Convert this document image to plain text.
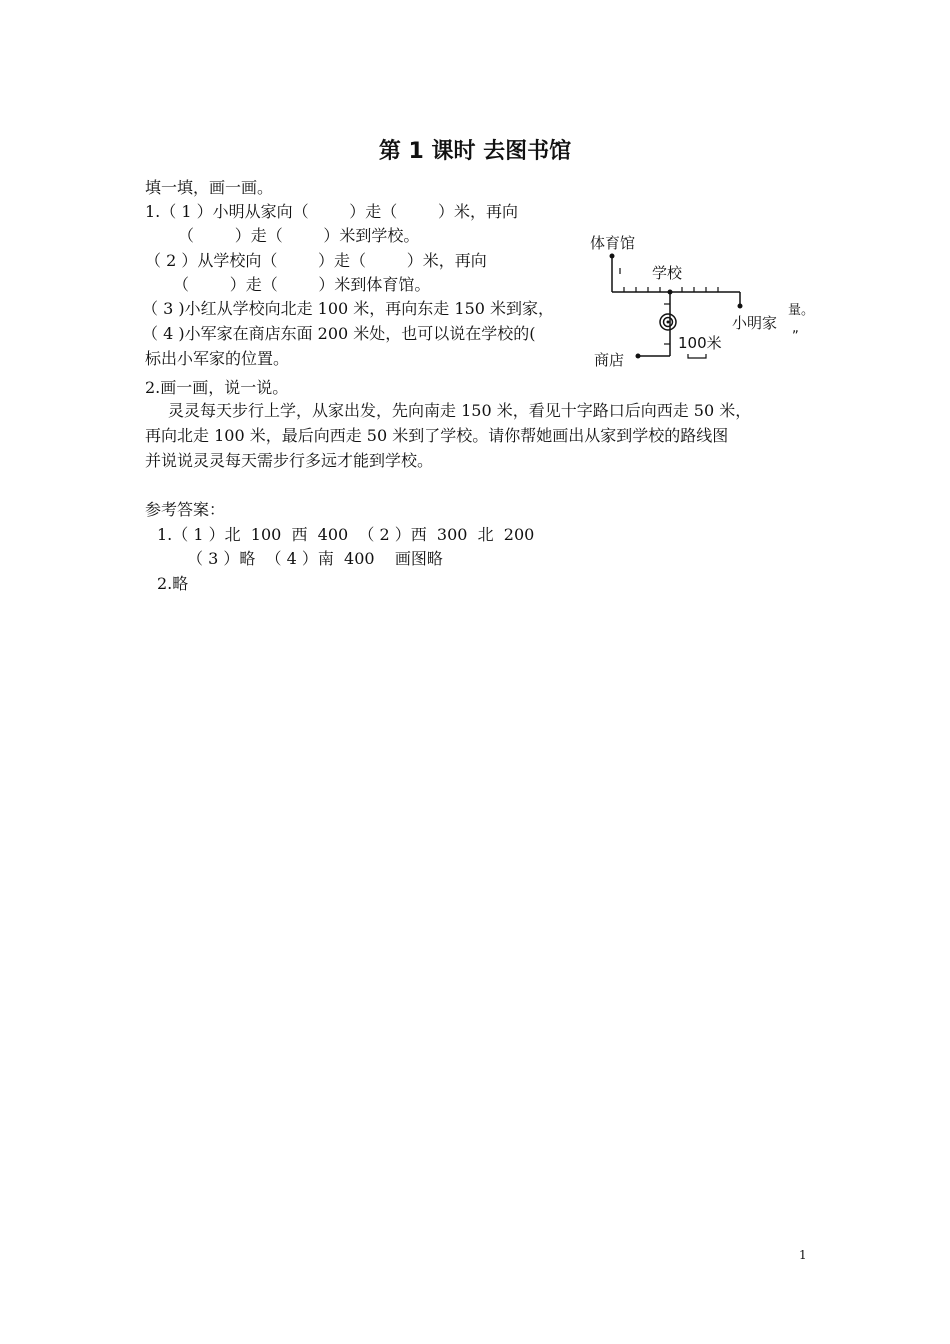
第 1 课时 去图书馆
填一填，画一画。
1.（ 1 ）小明从家向（        ）走（        ）米，再向
（        ）走（        ）米到学校。
（ 2 ）从学校向（        ）走（        ）米，再向
（        ）走（        ）米到体育馆。
（ 3 )小红从学校向北走 100 米，再向东走 150 米到家，
（ 4 )小军家在商店东面 200 米处，也可以说在学校的(
标出小军家的位置。
2.画一画，说一说。
灵灵每天步行上学，从家出发，先向南走 150 米，看见十字路口后向西走 50 米，
再向北走 100 米，最后向西走 50 米到了学校。请你帮她画出从家到学校的路线图
并说说灵灵每天需步行多远才能到学校。
参考答案：
1.（ 1 ）北  100  西  400  （ 2 ）西  300  北  200
（ 3 ）略  （ 4 ）南  400    画图略
2.略
体育馆
学校
小明家
商店
100米
量。
„
1
